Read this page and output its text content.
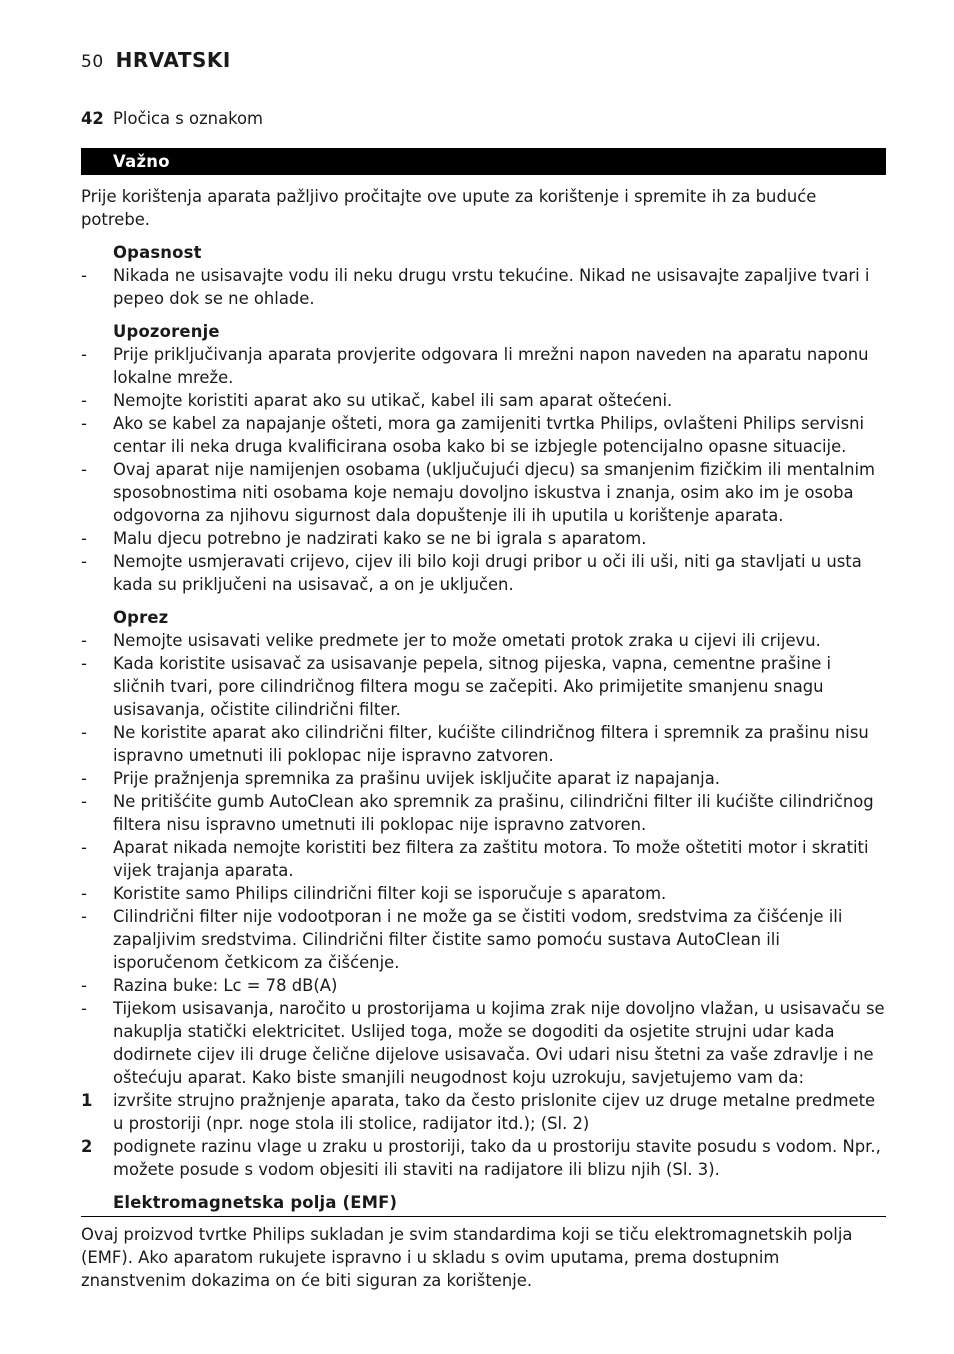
50 HRVATSKI
42 Pločica s oznakom
Važno

Prije korištenja aparata pažljivo pročitajte ove upute za korištenje i spremite ih za buduće potrebe.

Opasnost

-	Nikada ne usisavajte vodu ili neku drugu vrstu tekućine. Nikad ne usisavajte zapaljive tvari i pepeo dok se ne ohlade.

Upozorenje

-	Prije priključivanja aparata provjerite odgovara li mrežni napon naveden na aparatu naponu lokalne mreže.
-	Nemojte koristiti aparat ako su utikač, kabel ili sam aparat oštećeni.
-	Ako se kabel za napajanje ošteti, mora ga zamijeniti tvrtka Philips, ovlašteni Philips servisni centar ili neka druga kvalificirana osoba kako bi se izbjegle potencijalno opasne situacije.
-	Ovaj aparat nije namijenjen osobama (uključujući djecu) sa smanjenim fizičkim ili mentalnim sposobnostima niti osobama koje nemaju dovoljno iskustva i znanja, osim ako im je osoba odgovorna za njihovu sigurnost dala dopuštenje ili ih uputila u korištenje aparata.
-	Malu djecu potrebno je nadzirati kako se ne bi igrala s aparatom.
-	Nemojte usmjeravati crijevo, cijev ili bilo koji drugi pribor u oči ili uši, niti ga stavljati u usta kada su priključeni na usisavač, a on je uključen.

Oprez

-	Nemojte usisavati velike predmete jer to može ometati protok zraka u cijevi ili crijevu.
-	Kada koristite usisavač za usisavanje pepela, sitnog pijeska, vapna, cementne prašine i sličnih tvari, pore cilindričnog filtera mogu se začepiti. Ako primijetite smanjenu snagu usisavanja, očistite cilindrični filter.
-	Ne koristite aparat ako cilindrični filter, kućište cilindričnog filtera i spremnik za prašinu nisu ispravno umetnuti ili poklopac nije ispravno zatvoren.
-	Prije pražnjenja spremnika za prašinu uvijek isključite aparat iz napajanja.
-	Ne pritišćite gumb AutoClean ako spremnik za prašinu, cilindrični filter ili kućište cilindričnog filtera nisu ispravno umetnuti ili poklopac nije ispravno zatvoren.
-	Aparat nikada nemojte koristiti bez filtera za zaštitu motora. To može oštetiti motor i skratiti vijek trajanja aparata.
-	Koristite samo Philips cilindrični filter koji se isporučuje s aparatom.
-	Cilindrični filter nije vodootporan i ne može ga se čistiti vodom, sredstvima za čišćenje ili zapaljivim sredstvima. Cilindrični filter čistite samo pomoću sustava AutoClean ili isporučenom četkicom za čišćenje.
-	Razina buke: Lc = 78 dB(A)
-	Tijekom usisavanja, naročito u prostorijama u kojima zrak nije dovoljno vlažan, u usisavaču se nakuplja statički elektricitet. Uslijed toga, može se dogoditi da osjetite strujni udar kada dodirnete cijev ili druge čelične dijelove usisavača. Ovi udari nisu štetni za vaše zdravlje i ne oštećuju aparat. Kako biste smanjili neugodnost koju uzrokuju, savjetujemo vam da:
1	izvršite strujno pražnjenje aparata, tako da često prislonite cijev uz druge metalne predmete u prostoriji (npr. noge stola ili stolice, radijator itd.); (Sl. 2)
2	podignete razinu vlage u zraku u prostoriji, tako da u prostoriju stavite posudu s vodom. Npr., možete posude s vodom objesiti ili staviti na radijatore ili blizu njih (Sl. 3).

Elektromagnetska polja (EMF)

Ovaj proizvod tvrtke Philips sukladan je svim standardima koji se tiču elektromagnetskih polja (EMF). Ako aparatom rukujete ispravno i u skladu s ovim uputama, prema dostupnim znanstvenim dokazima on će biti siguran za korištenje.
